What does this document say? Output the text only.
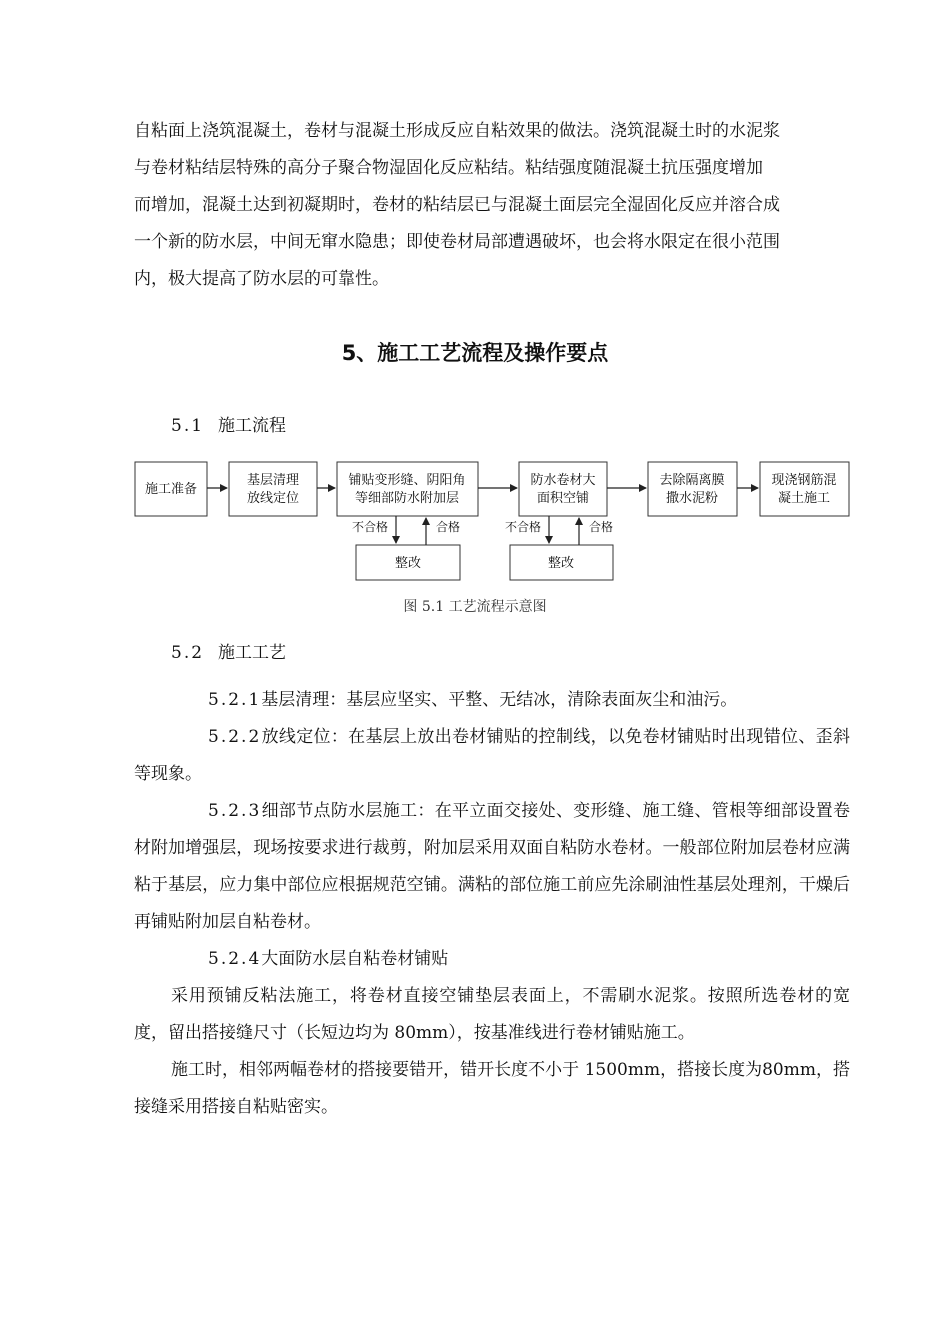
自粘面上浇筑混凝土，卷材与混凝土形成反应自粘效果的做法。浇筑混凝土时的水泥浆
与卷材粘结层特殊的高分子聚合物湿固化反应粘结。粘结强度随混凝土抗压强度增加
而增加，混凝土达到初凝期时，卷材的粘结层已与混凝土面层完全湿固化反应并溶合成
一个新的防水层，中间无窜水隐患；即使卷材局部遭遇破坏，也会将水限定在很小范围
内，极大提高了防水层的可靠性。
5、施工工艺流程及操作要点
5.1 施工流程
施工准备
基层清理
放线定位
铺贴变形缝、阴阳角
等细部防水附加层
防水卷材大
面积空铺
去除隔离膜
撒水泥粉
现浇钢筋混
凝土施工
整改	整改
不合格	合格	不合格	合格
图 5.1 工艺流程示意图
5.2 施工工艺
5.2.1基层清理：基层应坚实、平整、无结冰，清除表面灰尘和油污。
5.2.2放线定位：在基层上放出卷材铺贴的控制线，以免卷材铺贴时出现错位、歪斜等现象。
5.2.3细部节点防水层施工：在平立面交接处、变形缝、施工缝、管根等细部设置卷材附加增强层，现场按要求进行裁剪，附加层采用双面自粘防水卷材。一般部位附加层卷材应满粘于基层，应力集中部位应根据规范空铺。满粘的部位施工前应先涂刷油性基层处理剂，干燥后再铺贴附加层自粘卷材。
5.2.4大面防水层自粘卷材铺贴
采用预铺反粘法施工，将卷材直接空铺垫层表面上，不需刷水泥浆。按照所选卷材的宽度，留出搭接缝尺寸（长短边均为 80mm），按基准线进行卷材铺贴施工。
施工时，相邻两幅卷材的搭接要错开，错开长度不小于 1500mm，搭接长度为80mm，搭接缝采用搭接自粘贴密实。
